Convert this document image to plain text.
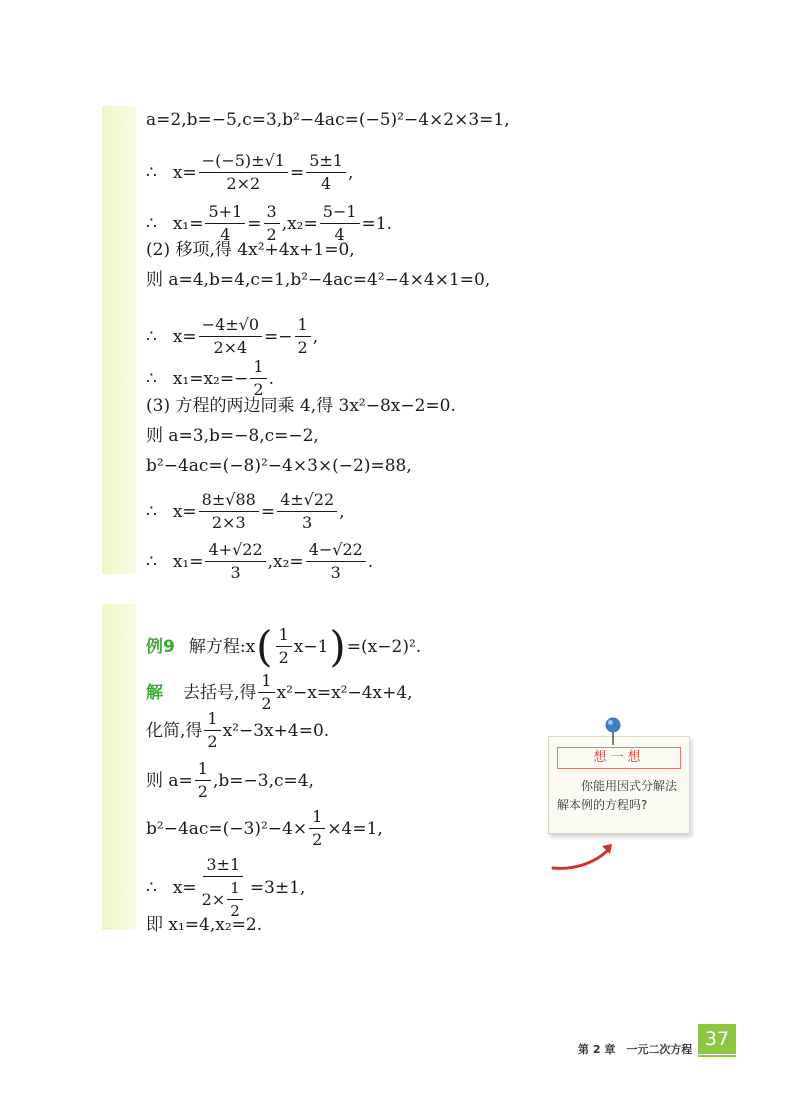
a=2,b=−5,c=3,b²−4ac=(−5)²−4×2×3=1,
∴ $x= \frac{-(-5)\pm√1}{2\times 2} = \frac{5\pm 1}{4}$ ,
∴ $x_1= \frac{5+1}{4} = \frac{3}{2} ,x_2= \frac{5-1}{4} =1$.
(2) 移项,得 4x²+4x+1=0,
则 a=4,b=4,c=1,b²−4ac=4²−4×4×1=0,
∴ $x= \frac{-4\pm√0}{2\times 4} =- \frac{1}{2}$ ,
∴ $x_1=x_2=- \frac{1}{2}$ .
(3) 方程的两边同乘 4,得 3x²−8x−2=0.
则 a=3,b=−8,c=−2,
b²−4ac=(−8)²−4×3×(−2)=88,
∴ $x= \frac{8\pm√88}{2\times 3} = \frac{4\pm√22}{3}$ ,
∴ $x_1= \frac{4+√22}{3} ,x_2= \frac{4-√22}{3}$ .
例9 解方程:x ( $\frac{1}{2} x-1$ ) =(x−2)².
解 去括号,得 $\frac{1}{2} x^2-x=x^2-4x+4$,
化简,得 $\frac{1}{2} x^2-3x+4=0$.
则 $a= \frac{1}{2} ,b=-3,c=4$,
$b^2-4ac=(-3)^2-4\times \frac{1}{2} \times 4=1$,
∴ $x= \frac{3\pm 1}{2\times \frac{1}{2}} =3\pm 1$,
即 x₁=4,x₂=2.
想一想
你能用因式分解法解本例的方程吗?
第 2 章　一元二次方程 37
